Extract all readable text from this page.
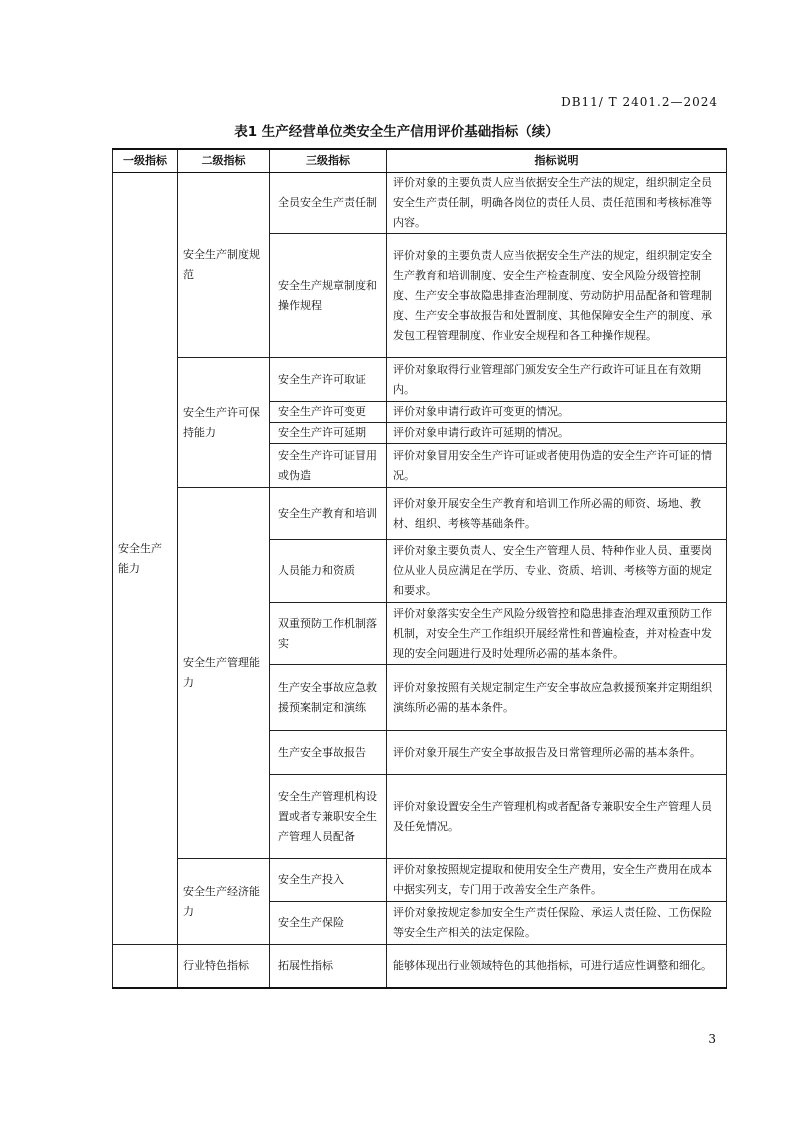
DB11/ T 2401.2—2024
表1 生产经营单位类安全生产信用评价基础指标（续）
一级指标	二级指标	三级指标	指标说明
安全生产能力	安全生产制度规范	全员安全生产责任制	评价对象的主要负责人应当依据安全生产法的规定，组织制定全员安全生产责任制，明确各岗位的责任人员、责任范围和考核标准等内容。
		安全生产规章制度和操作规程	评价对象的主要负责人应当依据安全生产法的规定，组织制定安全生产教育和培训制度、安全生产检查制度、安全风险分级管控制度、生产安全事故隐患排查治理制度、劳动防护用品配备和管理制度、生产安全事故报告和处置制度、其他保障安全生产的制度、承发包工程管理制度、作业安全规程和各工种操作规程。
	安全生产许可保持能力	安全生产许可取证	评价对象取得行业管理部门颁发安全生产行政许可证且在有效期内。
		安全生产许可变更	评价对象申请行政许可变更的情况。
		安全生产许可延期	评价对象申请行政许可延期的情况。
		安全生产许可证冒用或伪造	评价对象冒用安全生产许可证或者使用伪造的安全生产许可证的情况。
	安全生产管理能力	安全生产教育和培训	评价对象开展安全生产教育和培训工作所必需的师资、场地、教材、组织、考核等基础条件。
		人员能力和资质	评价对象主要负责人、安全生产管理人员、特种作业人员、重要岗位从业人员应满足在学历、专业、资质、培训、考核等方面的规定和要求。
		双重预防工作机制落实	评价对象落实安全生产风险分级管控和隐患排查治理双重预防工作机制，对安全生产工作组织开展经常性和普遍检查，并对检查中发现的安全问题进行及时处理所必需的基本条件。
		生产安全事故应急救援预案制定和演练	评价对象按照有关规定制定生产安全事故应急救援预案并定期组织演练所必需的基本条件。
		生产安全事故报告	评价对象开展生产安全事故报告及日常管理所必需的基本条件。
		安全生产管理机构设置或者专兼职安全生产管理人员配备	评价对象设置安全生产管理机构或者配备专兼职安全生产管理人员及任免情况。
	安全生产经济能力	安全生产投入	评价对象按照规定提取和使用安全生产费用，安全生产费用在成本中据实列支，专门用于改善安全生产条件。
		安全生产保险	评价对象按规定参加安全生产责任保险、承运人责任险、工伤保险等安全生产相关的法定保险。
	行业特色指标	拓展性指标	能够体现出行业领域特色的其他指标，可进行适应性调整和细化。
3
